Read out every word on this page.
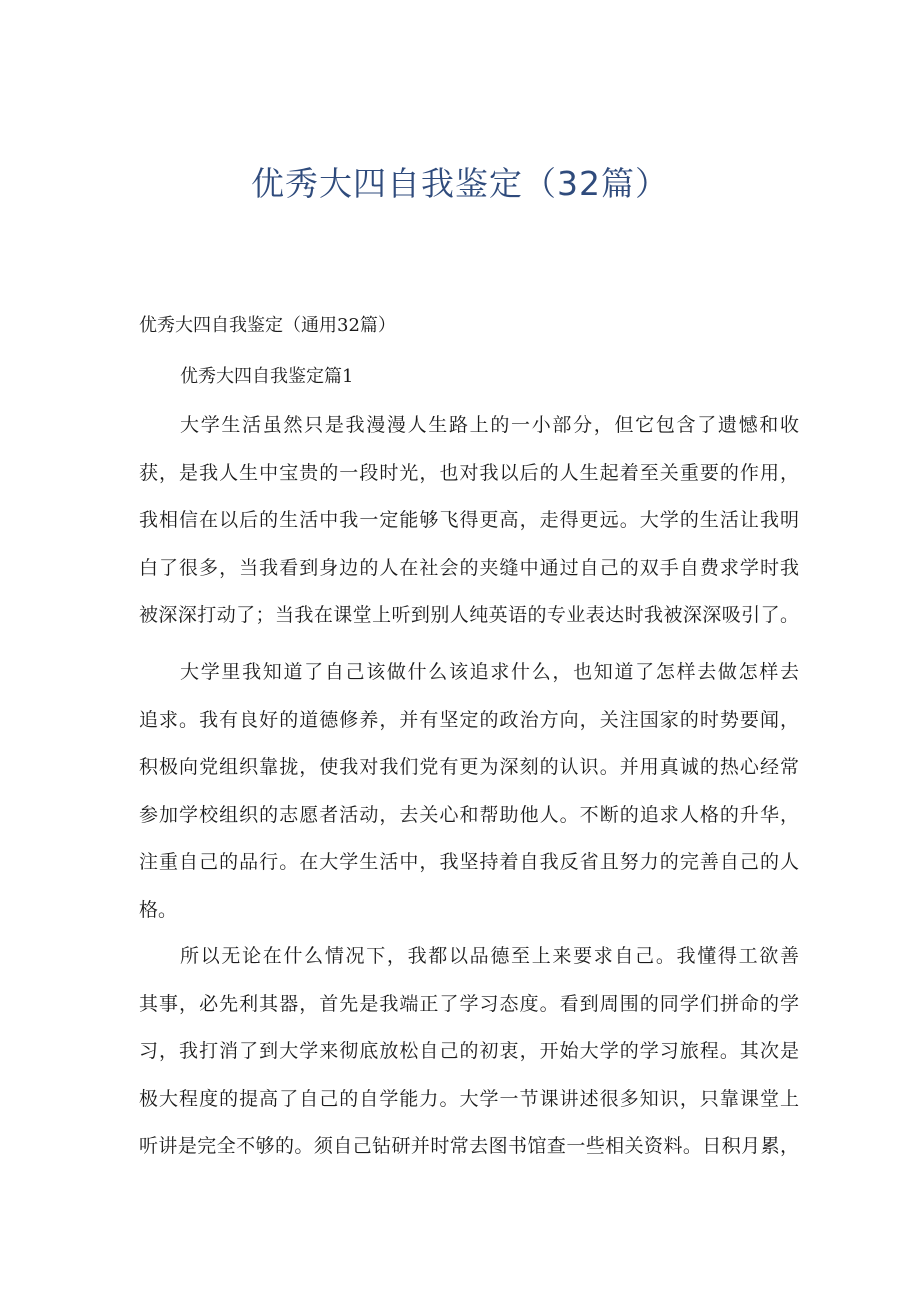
优秀大四自我鉴定（32篇）

优秀大四自我鉴定（通用32篇）

优秀大四自我鉴定篇1

大学生活虽然只是我漫漫人生路上的一小部分，但它包含了遗憾和收
获，是我人生中宝贵的一段时光，也对我以后的人生起着至关重要的作用，
我相信在以后的生活中我一定能够飞得更高，走得更远。大学的生活让我明
白了很多，当我看到身边的人在社会的夹缝中通过自己的双手自费求学时我
被深深打动了；当我在课堂上听到别人纯英语的专业表达时我被深深吸引了。
大学里我知道了自己该做什么该追求什么，也知道了怎样去做怎样去
追求。我有良好的道德修养，并有坚定的政治方向，关注国家的时势要闻，
积极向党组织靠拢，使我对我们党有更为深刻的认识。并用真诚的热心经常
参加学校组织的志愿者活动，去关心和帮助他人。不断的追求人格的升华，
注重自己的品行。在大学生活中，我坚持着自我反省且努力的完善自己的人
格。
所以无论在什么情况下，我都以品德至上来要求自己。我懂得工欲善
其事，必先利其器，首先是我端正了学习态度。看到周围的同学们拼命的学
习，我打消了到大学来彻底放松自己的初衷，开始大学的学习旅程。其次是
极大程度的提高了自己的自学能力。大学一节课讲述很多知识，只靠课堂上
听讲是完全不够的。须自己钻研并时常去图书馆查一些相关资料。日积月累，
